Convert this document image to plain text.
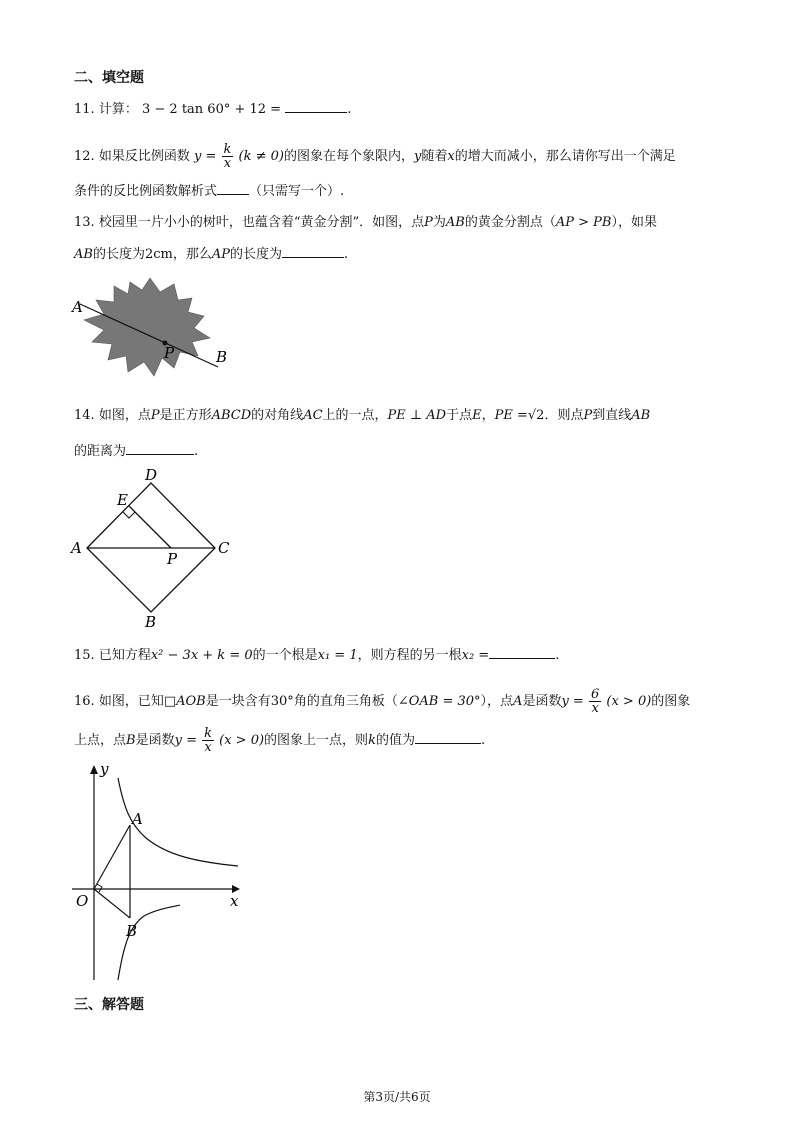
二、填空题
11. 计算： 3 − 2 tan 60° + 12 =	.
12. 如果反比例函数 $y = \frac{k}{x} (k \ne 0)$的图象在每个象限内，y随着x的增大而减小，那么请你写出一个满足
条件的反比例函数解析式 （只需写一个）.
13. 校园里一片小小的树叶，也蕴含着“黄金分割”．如图，点P为AB的黄金分割点（AP > PB），如果
AB的长度为2cm，那么AP的长度为	.
A
P	B
14. 如图，点P是正方形ABCD的对角线AC上的一点，PE ⊥ AD于点E，PE =√2．则点P到直线AB
的距离为	.
D
E
A
P
C
B
15. 已知方程x² − 3x + k = 0的一个根是x₁ = 1，则方程的另一根x₂ =	.
16. 如图，已知□AOB是一块含有30°角的直角三角板（∠OAB = 30°），点A是函数$y = \frac{6}{x} (x > 0)$的图象
上点，点B是函数$y = \frac{k}{x} (x > 0)$的图象上一点，则k的值为	.
y
A
O	x
B
三、解答题
第3页/共6页
